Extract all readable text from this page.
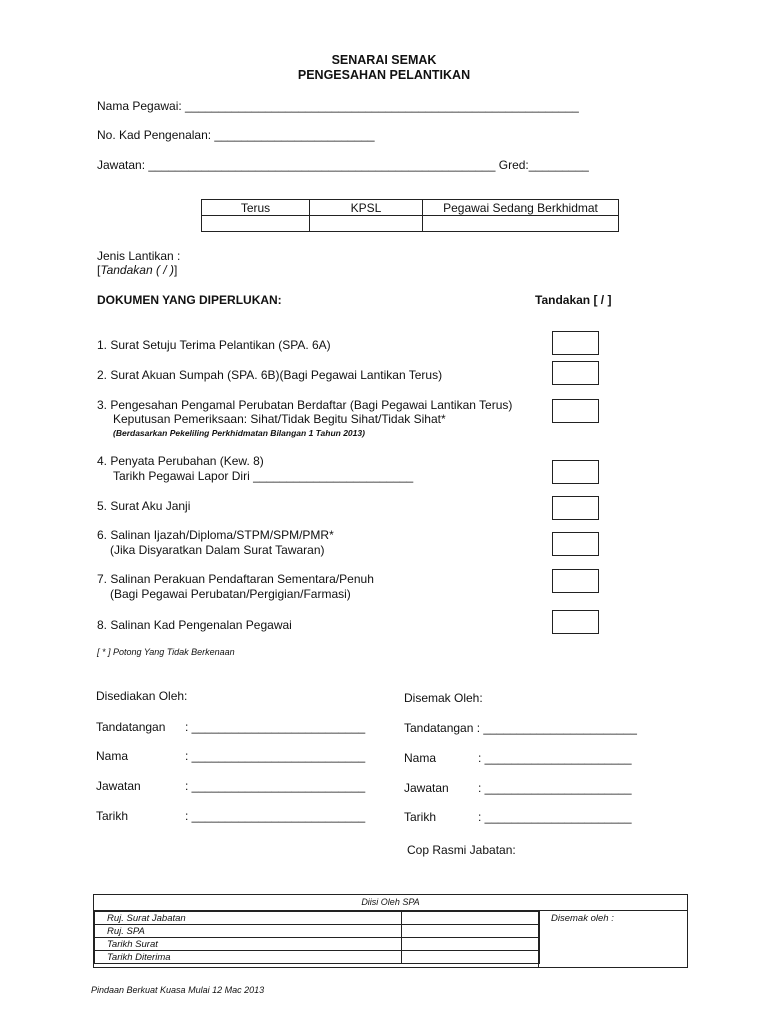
SENARAI SEMAK
PENGESAHAN PELANTIKAN
Nama Pegawai: ___________________________________________________________
No. Kad Pengenalan: ________________________
Jawatan: ____________________________________________________ Gred:_________
Terus	KPSL	Pegawai Sedang Berkhidmat

Jenis Lantikan :
[Tandakan ( / )]
DOKUMEN YANG DIPERLUKAN:	Tandakan [ / ]
1. Surat Setuju Terima Pelantikan (SPA. 6A)
2. Surat Akuan Sumpah (SPA. 6B)(Bagi Pegawai Lantikan Terus)
3. Pengesahan Pengamal Perubatan Berdaftar (Bagi Pegawai Lantikan Terus)
Keputusan Pemeriksaan: Sihat/Tidak Begitu Sihat/Tidak Sihat*
(Berdasarkan Pekeliling Perkhidmatan Bilangan 1 Tahun 2013)
4. Penyata Perubahan (Kew. 8)
Tarikh Pegawai Lapor Diri ________________________
5. Surat Aku Janji
6. Salinan Ijazah/Diploma/STPM/SPM/PMR*
(Jika Disyaratkan Dalam Surat Tawaran)
7. Salinan Perakuan Pendaftaran Sementara/Penuh
(Bagi Pegawai Perubatan/Pergigian/Farmasi)
8. Salinan Kad Pengenalan Pegawai
[ * ] Potong Yang Tidak Berkenaan
Disediakan Oleh:
Tandatangan : __________________________
Nama	: __________________________
Jawatan	: __________________________
Tarikh	: __________________________
Disemak Oleh:
Tandatangan : _______________________
Nama	: ______________________
Jawatan : ______________________
Tarikh	: ______________________
Cop Rasmi Jabatan:
Diisi Oleh SPA
Ruj. Surat Jabatan	
Ruj. SPA	
Tarikh Surat	
Tarikh Diterima	
Disemak oleh :
Pindaan Berkuat Kuasa Mulai 12 Mac 2013
